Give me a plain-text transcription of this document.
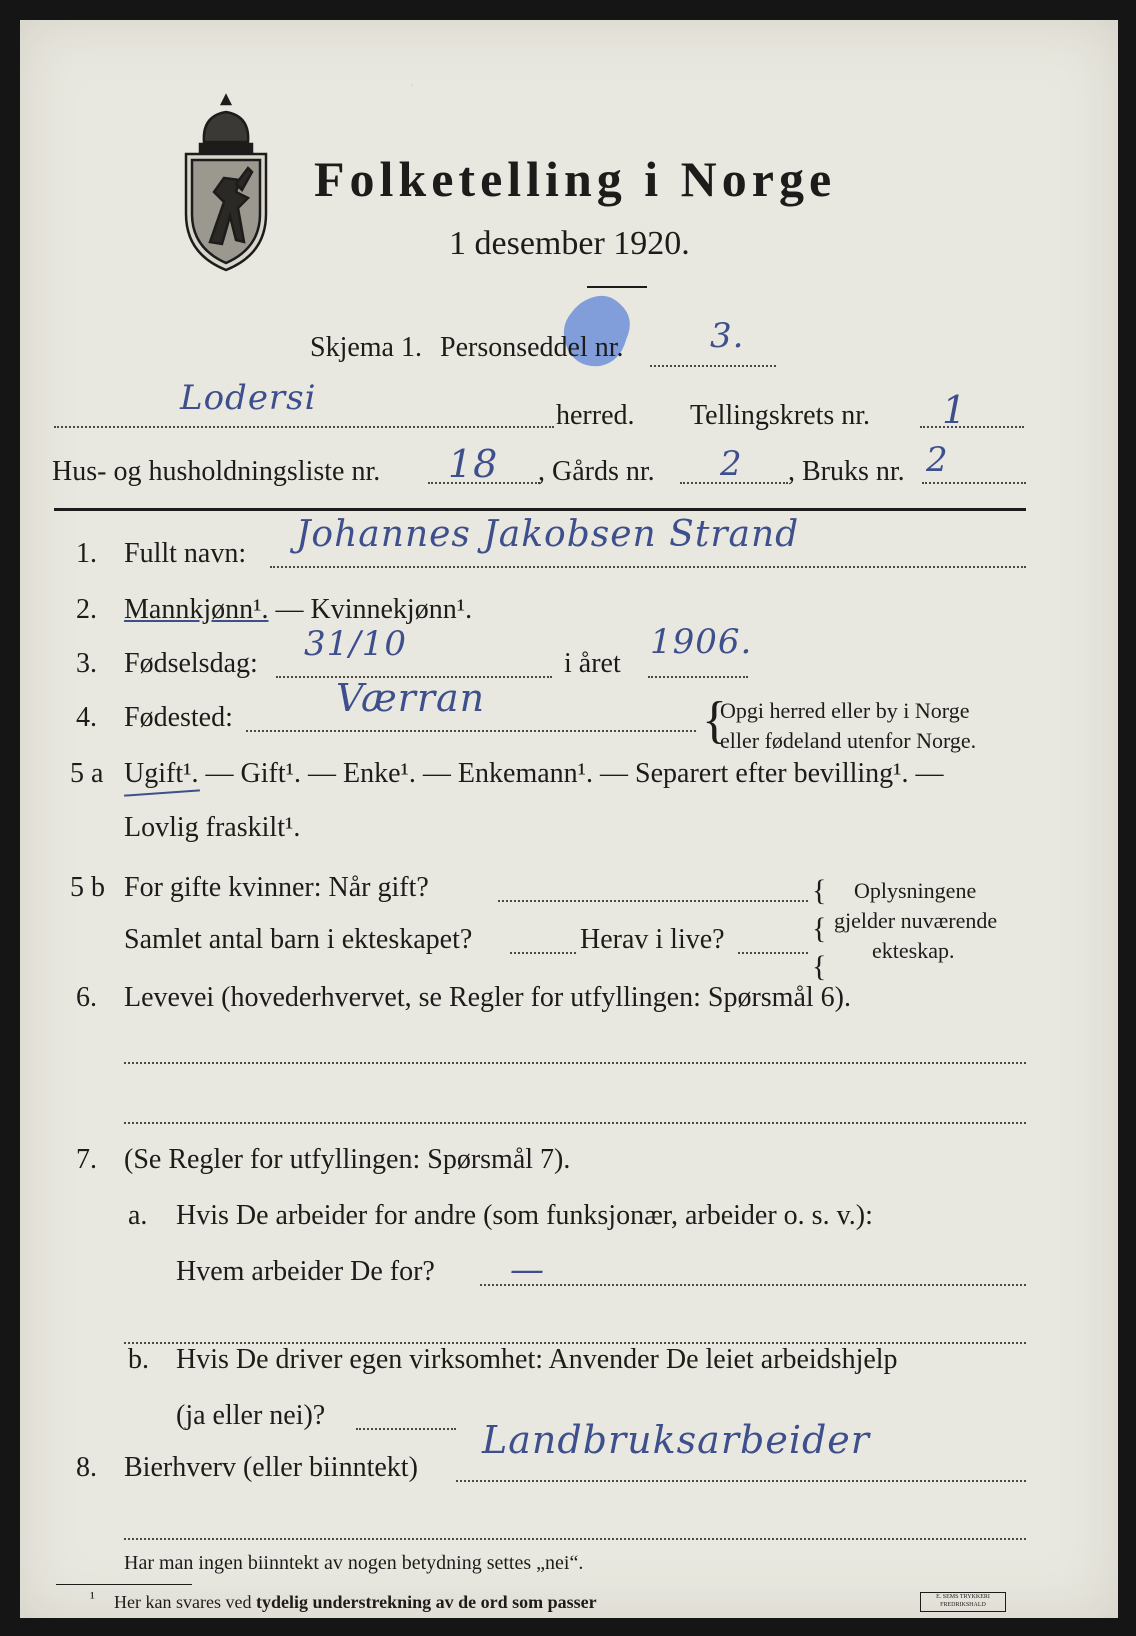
.
Folketelling i Norge
1 desember 1920.
Skjema 1. Personseddel nr.	3.
Lodersi	herred. Tellingskrets nr. 1
Hus- og husholdningsliste nr. 18 , Gårds nr. 2 , Bruks nr. 2
1. Fullt navn: Johannes Jakobsen Strand
2. Mannkjønn¹. — Kvinnekjønn¹.
3. Fødselsdag: 31/10	i året
1906.
4. Fødested:	Værran	{
Opgi herred eller by i Norge
eller fødeland utenfor Norge.
5 a Ugift¹. — Gift¹. — Enke¹. — Enkemann¹. — Separert efter bevilling¹. —
Lovlig fraskilt¹.
5 b For gifte kvinner: Når gift?
Samlet antal barn i ekteskapet?	Herav i live?
{
{
{
Oplysningene
gjelder nuværende
ekteskap.
6. Levevei (hovederhvervet, se Regler for utfyllingen: Spørsmål 6).
7. (Se Regler for utfyllingen: Spørsmål 7).
a. Hvis De arbeider for andre (som funksjonær, arbeider o. s. v.):
Hvem arbeider De for? —
b. Hvis De driver egen virksomhet: Anvender De leiet arbeidshjelp
(ja eller nei)?
8. Bierhverv (eller biinntekt)
Landbruksarbeider
Har man ingen biinntekt av nogen betydning settes „nei“.
¹ Her kan svares ved tydelig understrekning av de ord som passer	E. SEMS TRYKKERI FREDRIKSHALD
